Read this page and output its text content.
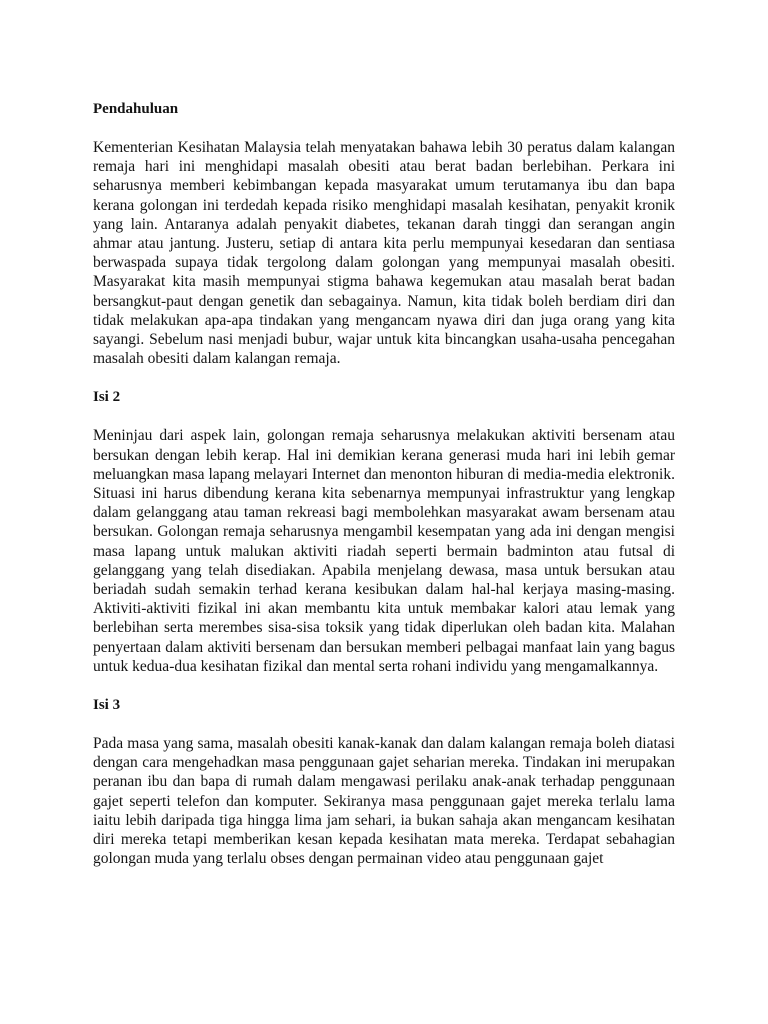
Pendahuluan

Kementerian Kesihatan Malaysia telah menyatakan bahawa lebih 30 peratus dalam kalangan remaja hari ini menghidapi masalah obesiti atau berat badan berlebihan. Perkara ini seharusnya memberi kebimbangan kepada masyarakat umum terutamanya ibu dan bapa kerana golongan ini terdedah kepada risiko menghidapi masalah kesihatan, penyakit kronik yang lain. Antaranya adalah penyakit diabetes, tekanan darah tinggi dan serangan angin ahmar atau jantung. Justeru, setiap di antara kita perlu mempunyai kesedaran dan sentiasa berwaspada supaya tidak tergolong dalam golongan yang mempunyai masalah obesiti. Masyarakat kita masih mempunyai stigma bahawa kegemukan atau masalah berat badan bersangkut-paut dengan genetik dan sebagainya. Namun, kita tidak boleh berdiam diri dan tidak melakukan apa-apa tindakan yang mengancam nyawa diri dan juga orang yang kita sayangi. Sebelum nasi menjadi bubur, wajar untuk kita bincangkan usaha-usaha pencegahan masalah obesiti dalam kalangan remaja.

Isi 2

Meninjau dari aspek lain, golongan remaja seharusnya melakukan aktiviti bersenam atau bersukan dengan lebih kerap. Hal ini demikian kerana generasi muda hari ini lebih gemar meluangkan masa lapang melayari Internet dan menonton hiburan di media-media elektronik. Situasi ini harus dibendung kerana kita sebenarnya mempunyai infrastruktur yang lengkap dalam gelanggang atau taman rekreasi bagi membolehkan masyarakat awam bersenam atau bersukan. Golongan remaja seharusnya mengambil kesempatan yang ada ini dengan mengisi masa lapang untuk malukan aktiviti riadah seperti bermain badminton atau futsal di gelanggang yang telah disediakan. Apabila menjelang dewasa, masa untuk bersukan atau beriadah sudah semakin terhad kerana kesibukan dalam hal-hal kerjaya masing-masing. Aktiviti-aktiviti fizikal ini akan membantu kita untuk membakar kalori atau lemak yang berlebihan serta merembes sisa-sisa toksik yang tidak diperlukan oleh badan kita. Malahan penyertaan dalam aktiviti bersenam dan bersukan memberi pelbagai manfaat lain yang bagus untuk kedua-dua kesihatan fizikal dan mental serta rohani individu yang mengamalkannya.

Isi 3

Pada masa yang sama, masalah obesiti kanak-kanak dan dalam kalangan remaja boleh diatasi dengan cara mengehadkan masa penggunaan gajet seharian mereka. Tindakan ini merupakan peranan ibu dan bapa di rumah dalam mengawasi perilaku anak-anak terhadap penggunaan gajet seperti telefon dan komputer. Sekiranya masa penggunaan gajet mereka terlalu lama iaitu lebih daripada tiga hingga lima jam sehari, ia bukan sahaja akan mengancam kesihatan diri mereka tetapi memberikan kesan kepada kesihatan mata mereka. Terdapat sebahagian golongan muda yang terlalu obses dengan permainan video atau penggunaan gajet
